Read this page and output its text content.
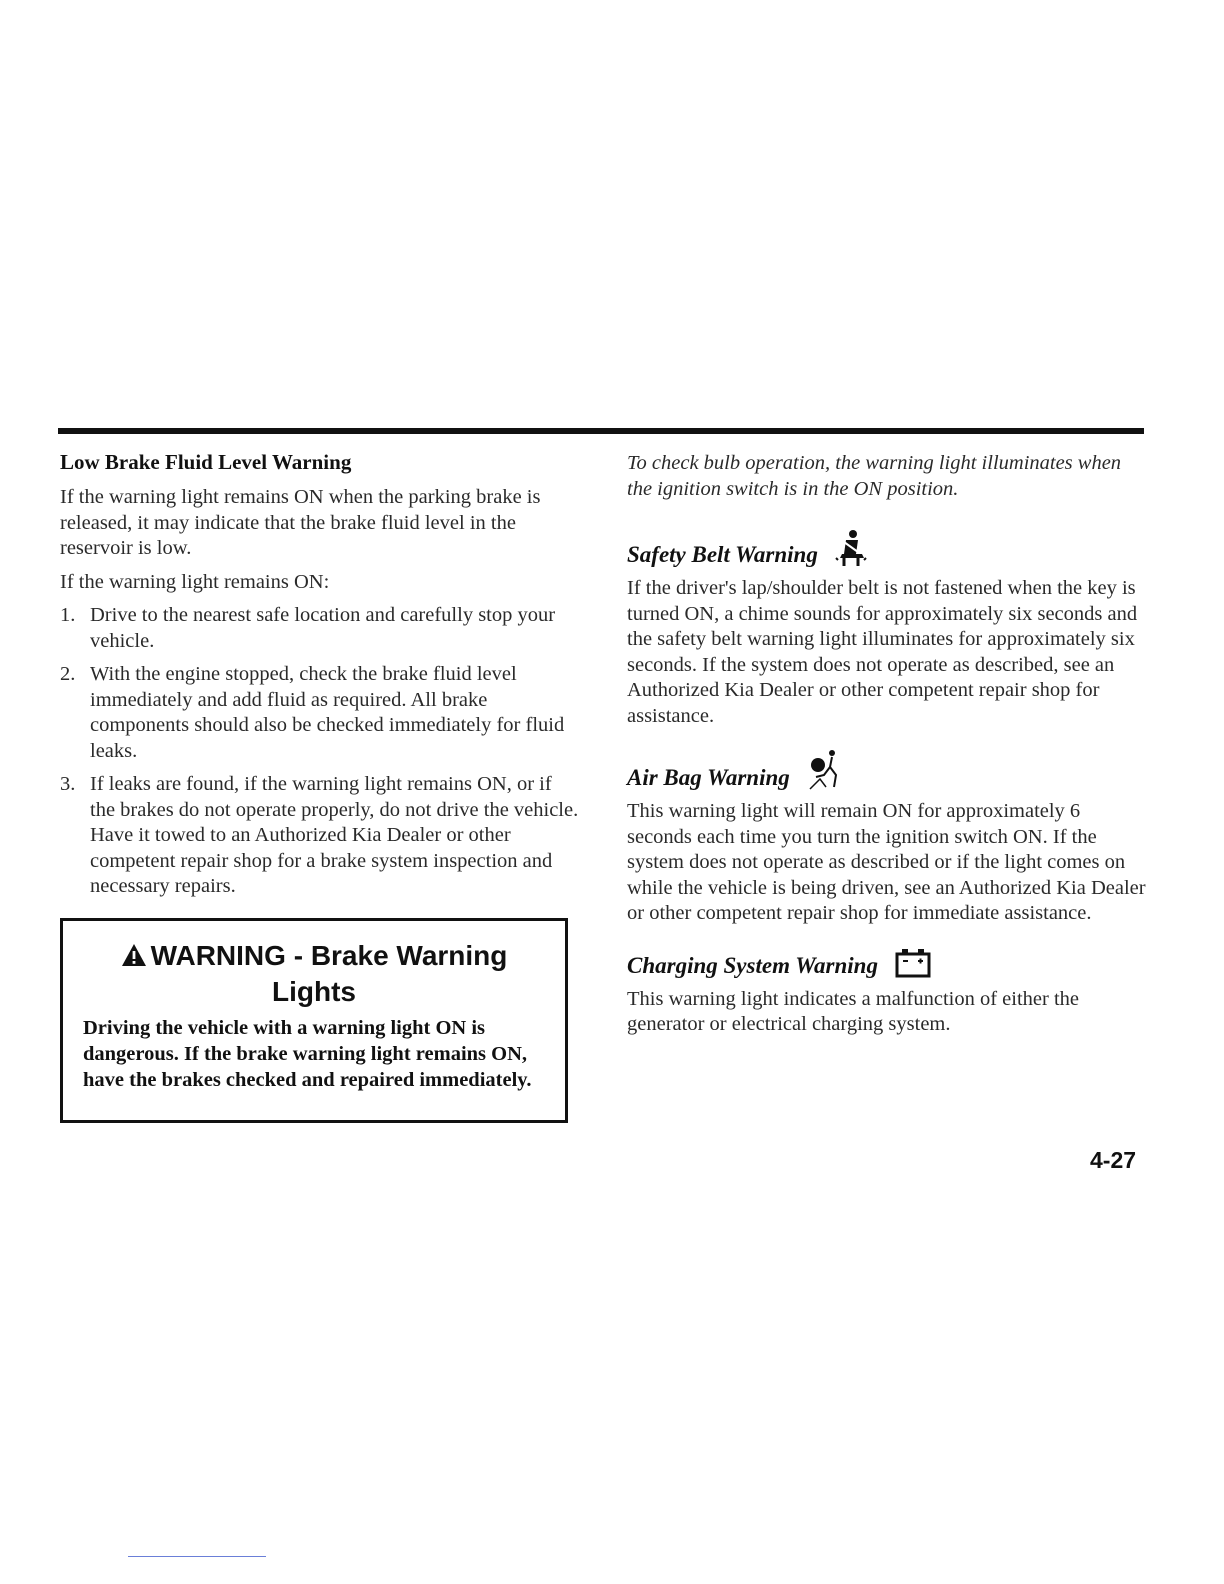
Low Brake Fluid Level Warning

If the warning light remains ON when the parking brake is released, it may indicate that the brake fluid level in the reservoir is low.

If the warning light remains ON:

1. Drive to the nearest safe location and carefully stop your vehicle.
2. With the engine stopped, check the brake fluid level immediately and add fluid as required. All brake components should also be checked immediately for fluid leaks.
3. If leaks are found, if the warning light remains ON, or if the brakes do not operate properly, do not drive the vehicle. Have it towed to an Authorized Kia Dealer or other competent repair shop for a brake system inspection and necessary repairs.
WARNING - Brake Warning Lights
Driving the vehicle with a warning light ON is dangerous. If the brake warning light remains ON, have the brakes checked and repaired immediately.

To check bulb operation, the warning light illuminates when the ignition switch is in the ON position.

Safety Belt Warning

If the driver's lap/shoulder belt is not fastened when the key is turned ON, a chime sounds for approximately six seconds and the safety belt warning light illuminates for approximately six seconds. If the system does not operate as described, see an Authorized Kia Dealer or other competent repair shop for assistance.

Air Bag Warning

This warning light will remain ON for approximately 6 seconds each time you turn the ignition switch ON. If the system does not operate as described or if the light comes on while the vehicle is being driven, see an Authorized Kia Dealer or other competent repair shop for immediate assistance.

Charging System Warning

This warning light indicates a malfunction of either the generator or electrical charging system.

4-27
